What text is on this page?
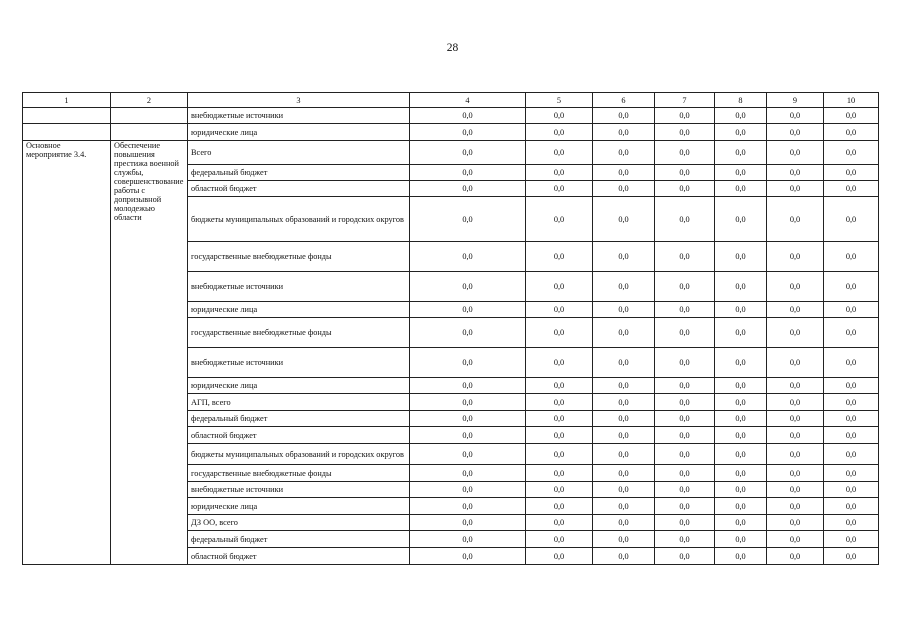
28
1	2	3	4	5	6	7	8	9	10
		внебюджетные источники	0,0	0,0	0,0	0,0	0,0	0,0	0,0
		юридические лица	0,0	0,0	0,0	0,0	0,0	0,0	0,0
Основное мероприятие 3.4.	Обеспечение повышения престижа военной службы, совершенствование работы с допризывной молодежью области	Всего	0,0	0,0	0,0	0,0	0,0	0,0	0,0
		федеральный бюджет	0,0	0,0	0,0	0,0	0,0	0,0	0,0
		областной бюджет	0,0	0,0	0,0	0,0	0,0	0,0	0,0
		бюджеты муниципальных образований и городских округов	0,0	0,0	0,0	0,0	0,0	0,0	0,0
		государственные внебюджетные фонды	0,0	0,0	0,0	0,0	0,0	0,0	0,0
		внебюджетные источники	0,0	0,0	0,0	0,0	0,0	0,0	0,0
		юридические лица	0,0	0,0	0,0	0,0	0,0	0,0	0,0
		государственные внебюджетные фонды	0,0	0,0	0,0	0,0	0,0	0,0	0,0
		внебюджетные источники	0,0	0,0	0,0	0,0	0,0	0,0	0,0
		юридические лица	0,0	0,0	0,0	0,0	0,0	0,0	0,0
		АГП, всего	0,0	0,0	0,0	0,0	0,0	0,0	0,0
		федеральный бюджет	0,0	0,0	0,0	0,0	0,0	0,0	0,0
		областной бюджет	0,0	0,0	0,0	0,0	0,0	0,0	0,0
		бюджеты муниципальных образований и городских округов	0,0	0,0	0,0	0,0	0,0	0,0	0,0
		государственные внебюджетные фонды	0,0	0,0	0,0	0,0	0,0	0,0	0,0
		внебюджетные источники	0,0	0,0	0,0	0,0	0,0	0,0	0,0
		юридические лица	0,0	0,0	0,0	0,0	0,0	0,0	0,0
		ДЗ ОО, всего	0,0	0,0	0,0	0,0	0,0	0,0	0,0
		федеральный бюджет	0,0	0,0	0,0	0,0	0,0	0,0	0,0
		областной бюджет	0,0	0,0	0,0	0,0	0,0	0,0	0,0
